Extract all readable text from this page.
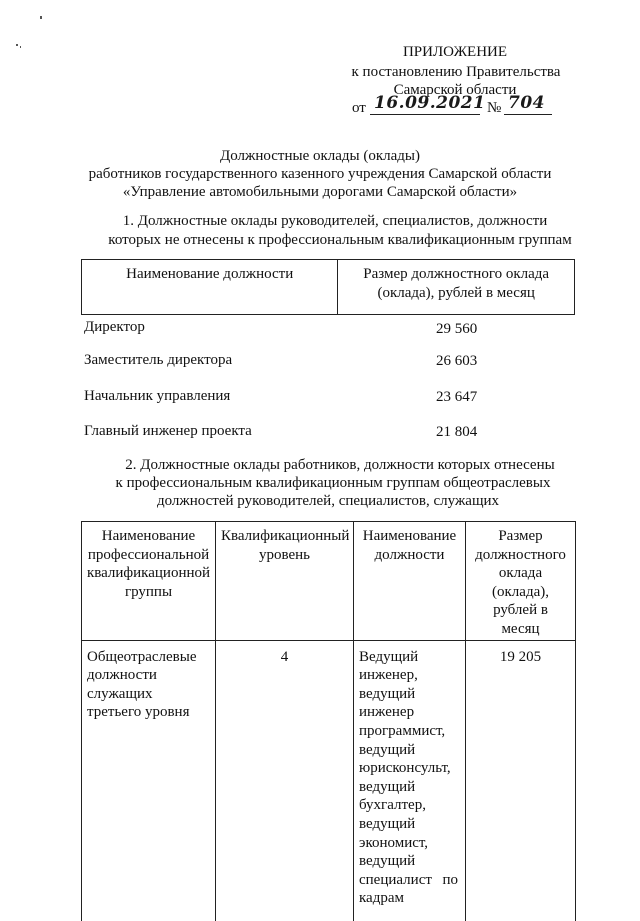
ПРИЛОЖЕНИЕ
к постановлению Правительства
Самарской области
от 16.09.2021 № 704
Должностные оклады (оклады)
работников государственного казенного учреждения Самарской области
«Управление автомобильными дорогами Самарской области»
1. Должностные оклады руководителей, специалистов, должности
которых не отнесены к профессиональным квалификационным группам
Наименование должности	Размер должностного оклада
(оклада), рублей в месяц
Директор	29 560
Заместитель директора	26 603
Начальник управления	23 647
Главный инженер проекта	21 804
2. Должностные оклады работников, должности которых отнесены
к профессиональным квалификационным группам общеотраслевых
должностей руководителей, специалистов, служащих
Наименование профессиональной квалификационной группы	Квалификационный уровень	Наименование должности	Размер должностного оклада (оклада), рублей в месяц

Общеотраслевые должности служащих третьего уровня	4	Ведущий инженер, ведущий инженер программист, ведущий юрисконсульт, ведущий бухгалтер, ведущий экономист, ведущий специалист по кадрам	19 205
